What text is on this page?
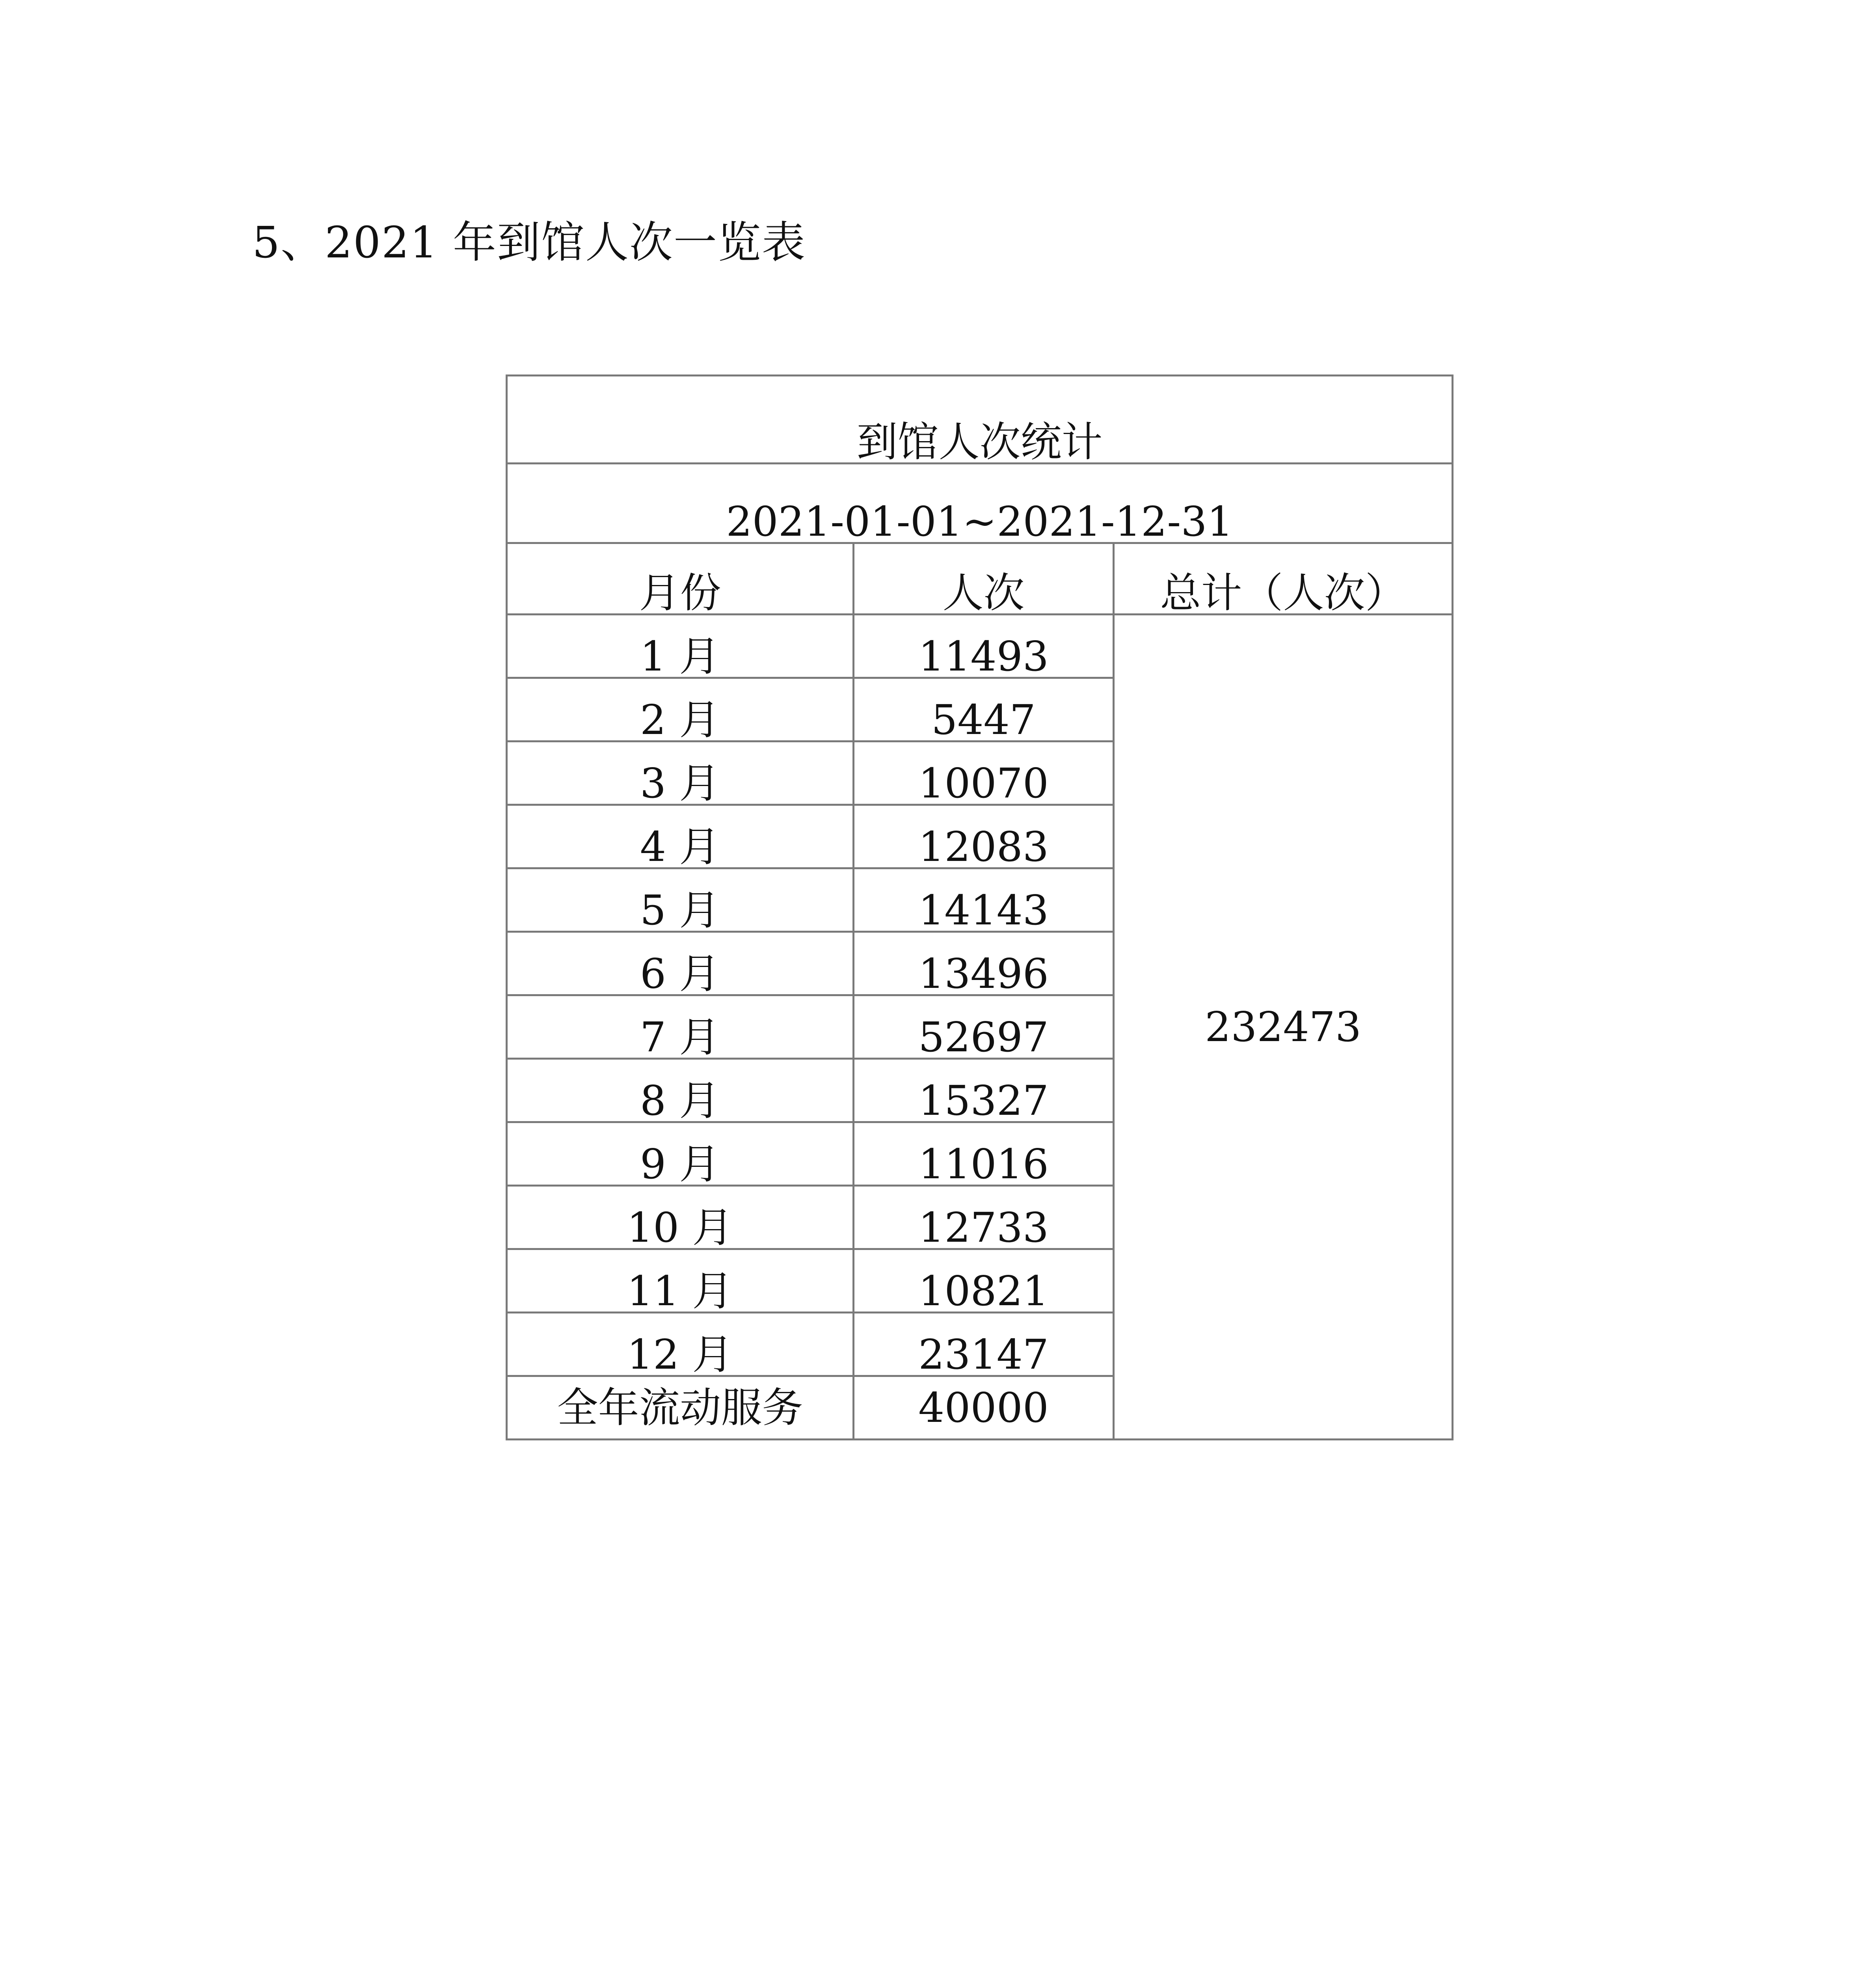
5、2021 年到馆人次一览表
到馆人次统计		
2021-01-01~2021-12-31		
月份	人次	总计（人次）
1 月	11493	232473
2 月	5447	
3 月	10070	
4 月	12083	
5 月	14143	
6 月	13496	
7 月	52697	
8 月	15327	
9 月	11016	
10 月	12733	
11 月	10821	
12 月	23147	
全年流动服务	40000	
